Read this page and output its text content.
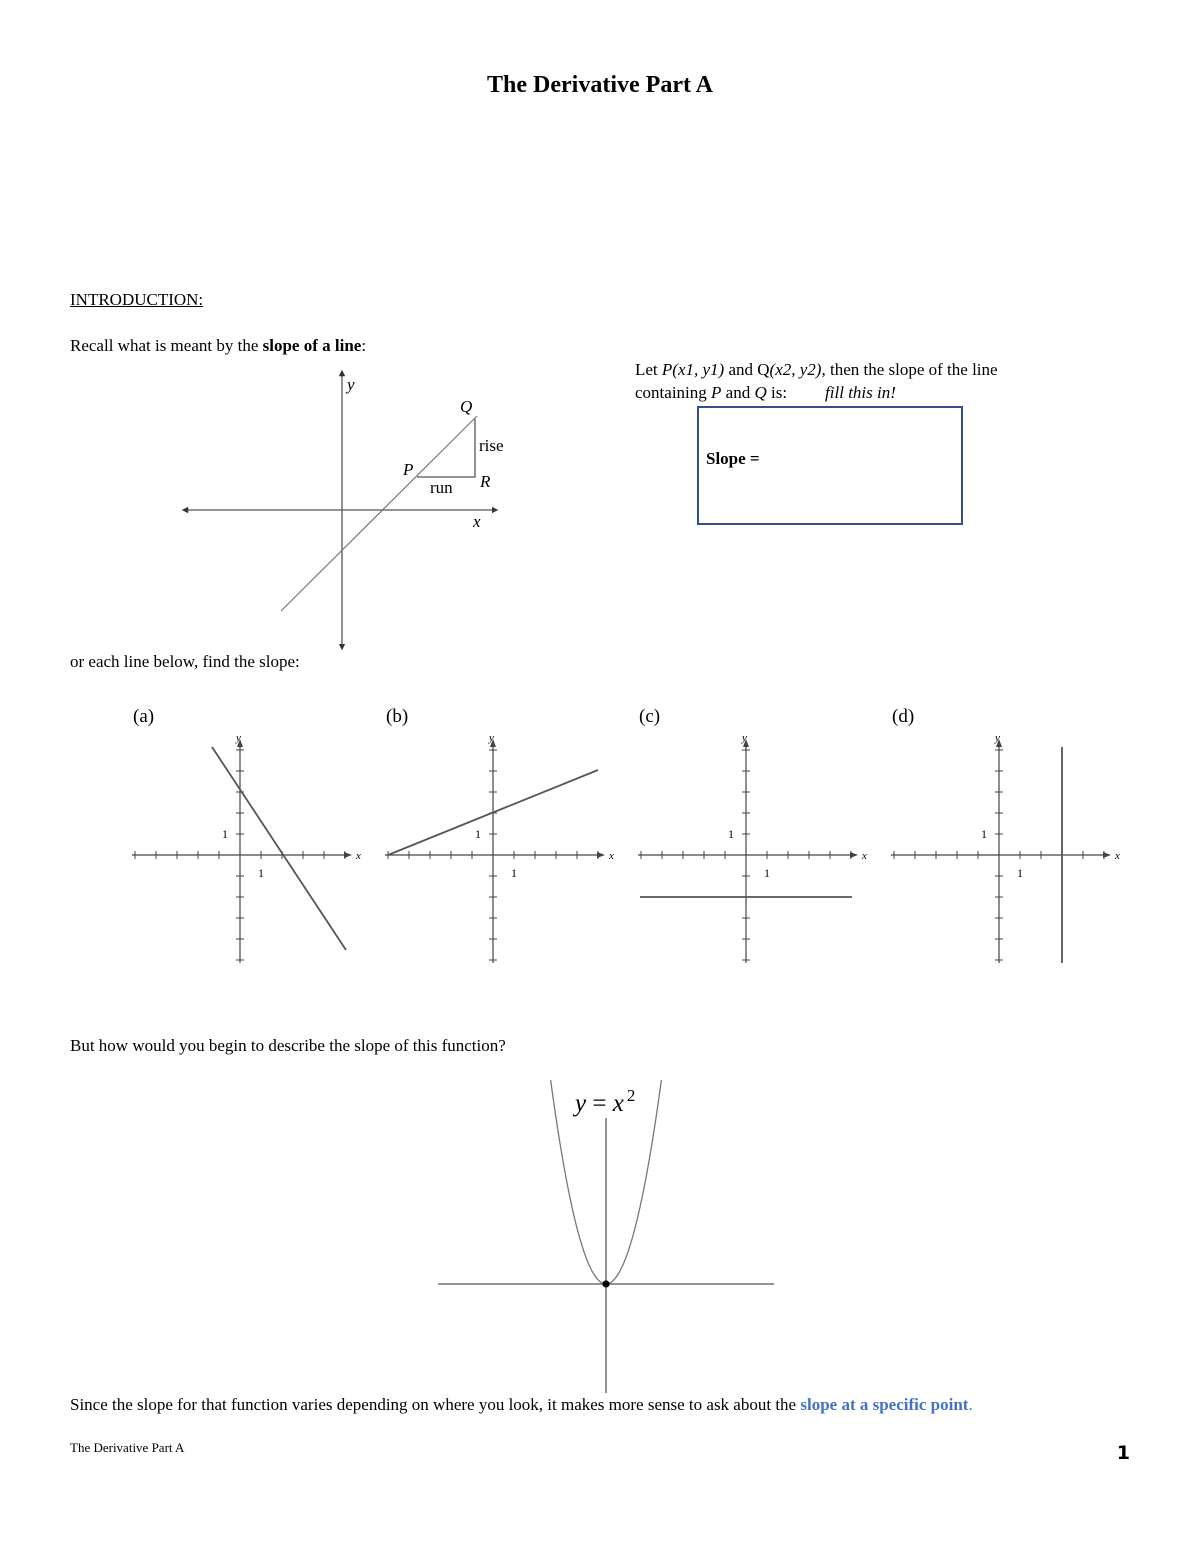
The Derivative Part A
INTRODUCTION:
Recall what is meant by the slope of a line:
y
x
Q
P
R
rise
run
Let P(x1, y1) and Q(x2, y2), then the slope of the line
containing P and Q is: fill this in!
Slope =
or each line below, find the slope:
(a)
y
x
1
1
(b)
y
x
1
1
(c)
y
x
1
1
(d)
y
x
1
1
But how would you begin to describe the slope of this function?
y = x $^2$
Since the slope for that function varies depending on where you look, it makes more sense to ask about the slope at a specific point.
The Derivative Part A	1
